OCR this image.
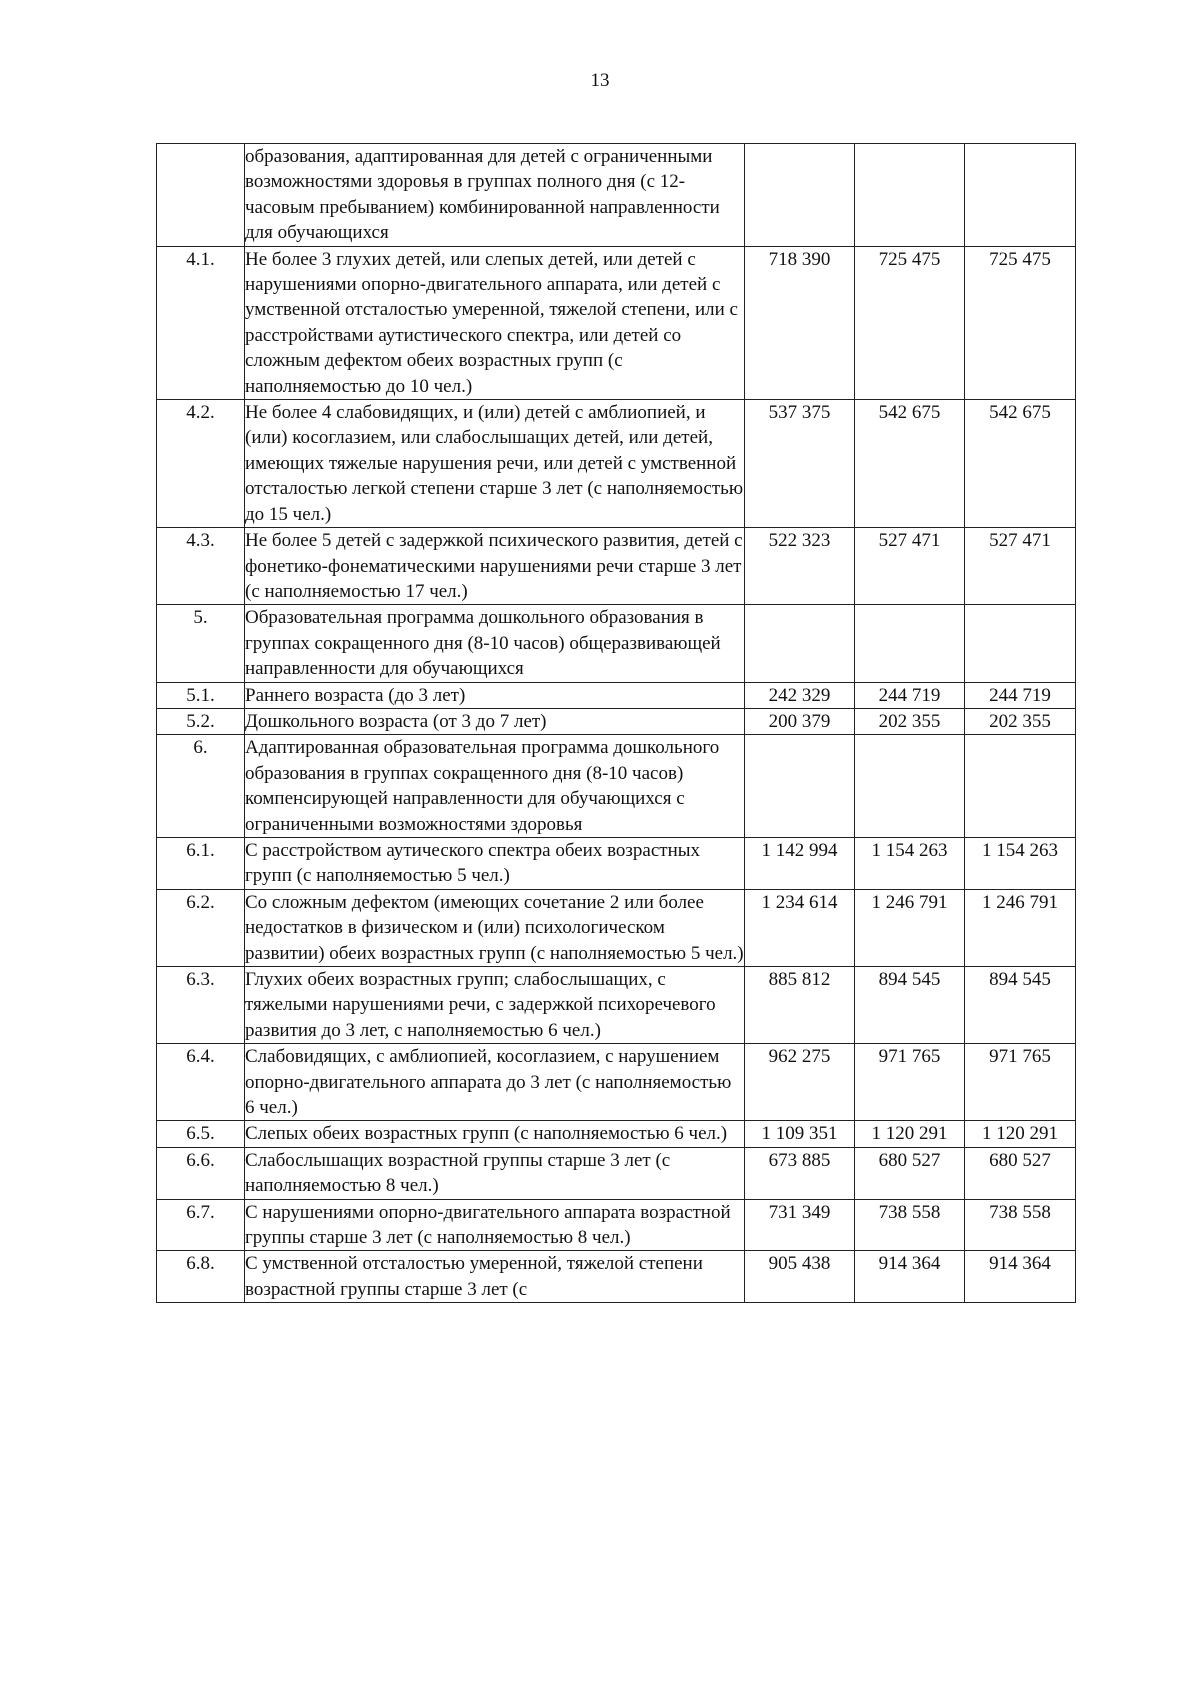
13
	образования, адаптированная для детей с ограниченными возможностями здоровья в группах полного дня (с 12-часовым пребыванием) комбинированной направленности для обучающихся			
4.1.	Не более 3 глухих детей, или слепых детей, или детей с нарушениями опорно-двигательного аппарата, или детей с умственной отсталостью умеренной, тяжелой степени, или с расстройствами аутистического спектра, или детей со сложным дефектом обеих возрастных групп (с наполняемостью до 10 чел.)	718 390	725 475	725 475
4.2.	Не более 4 слабовидящих, и (или) детей с амблиопией, и (или) косоглазием, или слабослышащих детей, или детей, имеющих тяжелые нарушения речи, или детей с умственной отсталостью легкой степени старше 3 лет (с наполняемостью до 15 чел.)	537 375	542 675	542 675
4.3.	Не более 5 детей с задержкой психического развития, детей с фонетико-фонематическими нарушениями речи старше 3 лет (с наполняемостью 17 чел.)	522 323	527 471	527 471
5.	Образовательная программа дошкольного образования в группах сокращенного дня (8-10 часов) общеразвивающей направленности для обучающихся			
5.1.	Раннего возраста (до 3 лет)	242 329	244 719	244 719
5.2.	Дошкольного возраста (от 3 до 7 лет)	200 379	202 355	202 355
6.	Адаптированная образовательная программа дошкольного образования в группах сокращенного дня (8-10 часов) компенсирующей направленности для обучающихся с ограниченными возможностями здоровья			
6.1.	С расстройством аутического спектра обеих возрастных групп (с наполняемостью 5 чел.)	1 142 994	1 154 263	1 154 263
6.2.	Со сложным дефектом (имеющих сочетание 2 или более недостатков в физическом и (или) психологическом развитии) обеих возрастных групп (с наполняемостью 5 чел.)	1 234 614	1 246 791	1 246 791
6.3.	Глухих обеих возрастных групп; слабослышащих, с тяжелыми нарушениями речи, с задержкой психоречевого развития до 3 лет, с наполняемостью 6 чел.)	885 812	894 545	894 545
6.4.	Слабовидящих, с амблиопией, косоглазием, с нарушением опорно-двигательного аппарата до 3 лет (с наполняемостью 6 чел.)	962 275	971 765	971 765
6.5.	Слепых обеих возрастных групп (с наполняемостью 6 чел.)	1 109 351	1 120 291	1 120 291
6.6.	Слабослышащих возрастной группы старше 3 лет (с наполняемостью 8 чел.)	673 885	680 527	680 527
6.7.	С нарушениями опорно-двигательного аппарата возрастной группы старше 3 лет (с наполняемостью 8 чел.)	731 349	738 558	738 558
6.8.	С умственной отсталостью умеренной, тяжелой степени возрастной группы старше 3 лет (с	905 438	914 364	914 364
